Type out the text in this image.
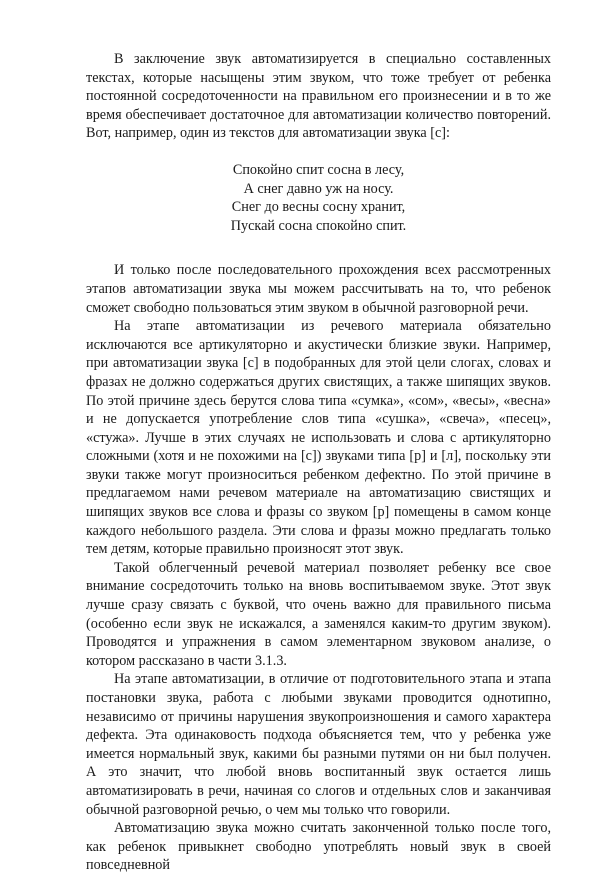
В заключение звук автоматизируется в специально составленных текстах, которые насыщены этим звуком, что тоже требует от ребенка постоянной сосредоточенности на правильном его произнесении и в то же время обеспечивает достаточное для автоматизации количество повторений. Вот, например, один из текстов для автоматизации звука [с]:

Спокойно спит сосна в лесу,
А снег давно уж на носу.
Снег до весны сосну хранит,
Пускай сосна спокойно спит.

И только после последовательного прохождения всех рассмотренных этапов автоматизации звука мы можем рассчитывать на то, что ребенок сможет свободно пользоваться этим звуком в обычной разговорной речи.

На этапе автоматизации из речевого материала обязательно исключаются все артикуляторно и акустически близкие звуки. Например, при автоматизации звука [с] в подобранных для этой цели слогах, словах и фразах не должно содержаться других свистящих, а также шипящих звуков. По этой причине здесь берутся слова типа «сумка», «сом», «весы», «весна» и не допускается употребление слов типа «сушка», «свеча», «песец», «стужа». Лучше в этих случаях не использовать и слова с артикуляторно сложными (хотя и не похожими на [с]) звуками типа [р] и [л], поскольку эти звуки также могут произноситься ребенком дефектно. По этой причине в предлагаемом нами речевом материале на автоматизацию свистящих и шипящих звуков все слова и фразы со звуком [р] помещены в самом конце каждого небольшого раздела. Эти слова и фразы можно предлагать только тем детям, которые правильно произносят этот звук.

Такой облегченный речевой материал позволяет ребенку все свое внимание сосредоточить только на вновь воспитываемом звуке. Этот звук лучше сразу связать с буквой, что очень важно для правильного письма (особенно если звук не искажался, а заменялся каким-то другим звуком). Проводятся и упражнения в самом элементарном звуковом анализе, о котором рассказано в части 3.1.3.

На этапе автоматизации, в отличие от подготовительного этапа и этапа постановки звука, работа с любыми звуками проводится однотипно, независимо от причины нарушения звукопроизношения и самого характера дефекта. Эта одинаковость подхода объясняется тем, что у ребенка уже имеется нормальный звук, какими бы разными путями он ни был получен. А это значит, что любой вновь воспитанный звук остается лишь автоматизировать в речи, начиная со слогов и отдельных слов и заканчивая обычной разговорной речью, о чем мы только что говорили.

Автоматизацию звука можно считать законченной только после того, как ребенок привыкнет свободно употреблять новый звук в своей повседневной
